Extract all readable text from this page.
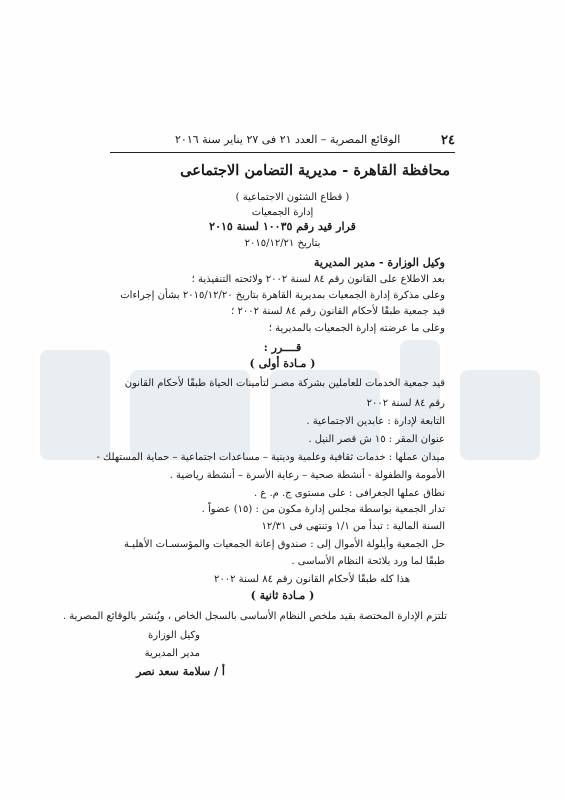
٢٤
الوقائع المصرية – العدد ٢١ فى ٢٧ يناير سنة ٢٠١٦
محافظة القاهرة - مديرية التضامن الاجتماعى
( قطاع الشئون الاجتماعية )
إدارة الجمعيات
قرار قيد رقم ١٠٠٣٥ لسنة ٢٠١٥
بتاريخ ٢٠١٥/١٢/٢١
وكيل الوزارة - مدير المديرية
بعد الاطلاع على القانون رقم ٨٤ لسنة ٢٠٠٢ ولائحته التنفيذية ؛
وعلى مذكرة إدارة الجمعيات بمديرية القاهرة بتاريخ ٢٠١٥/١٢/٢٠ بشأن إجراءات
قيد جمعية طبقًا لأحكام القانون رقم ٨٤ لسنة ٢٠٠٢ ؛
وعلى ما عرضته إدارة الجمعيات بالمديرية ؛
قــــرر :
( مـادة أولى )
قيد جمعية الخدمات للعاملين بشركة مصـر لتأمينات الحياة طبقًا لأحكام القانون
رقم ٨٤ لسنة ٢٠٠٢
التابعة لإدارة : عابدين الاجتماعية .
عنوان المقر : ١٥ ش قصر النيل .
ميدان عملها : خدمات ثقافية وعلمية ودينية – مساعدات اجتماعية – حماية المستهلك -
الأمومة والطفولة - أنشطة صحية – رعاية الأسرة – أنشطة رياضية .
نطاق عملها الجغرافى : على مستوى ج. م. ع .
تدار الجمعية بواسطة مجلس إدارة مكون من : (١٥) عضواً .
السنة المالية : تبدأ من ١/١ وتنتهى فى ١٢/٣١
حل الجمعية وأيلولة الأموال إلى : صندوق إعانة الجمعيات والمؤسسـات الأهليـة
طبقًا لما ورد بلائحة النظام الأساسى .
هذا كله طبقًا لأحكام القانون رقم ٨٤ لسنة ٢٠٠٢
( مـادة ثانية )
تلتزم الإدارة المختصة بقيد ملخص النظام الأساسى بالسجل الخاص ، ويُنشر بالوقائع المصرية .
وكيل الوزارة
مدير المديرية
أ / سلامة سعد نصر
